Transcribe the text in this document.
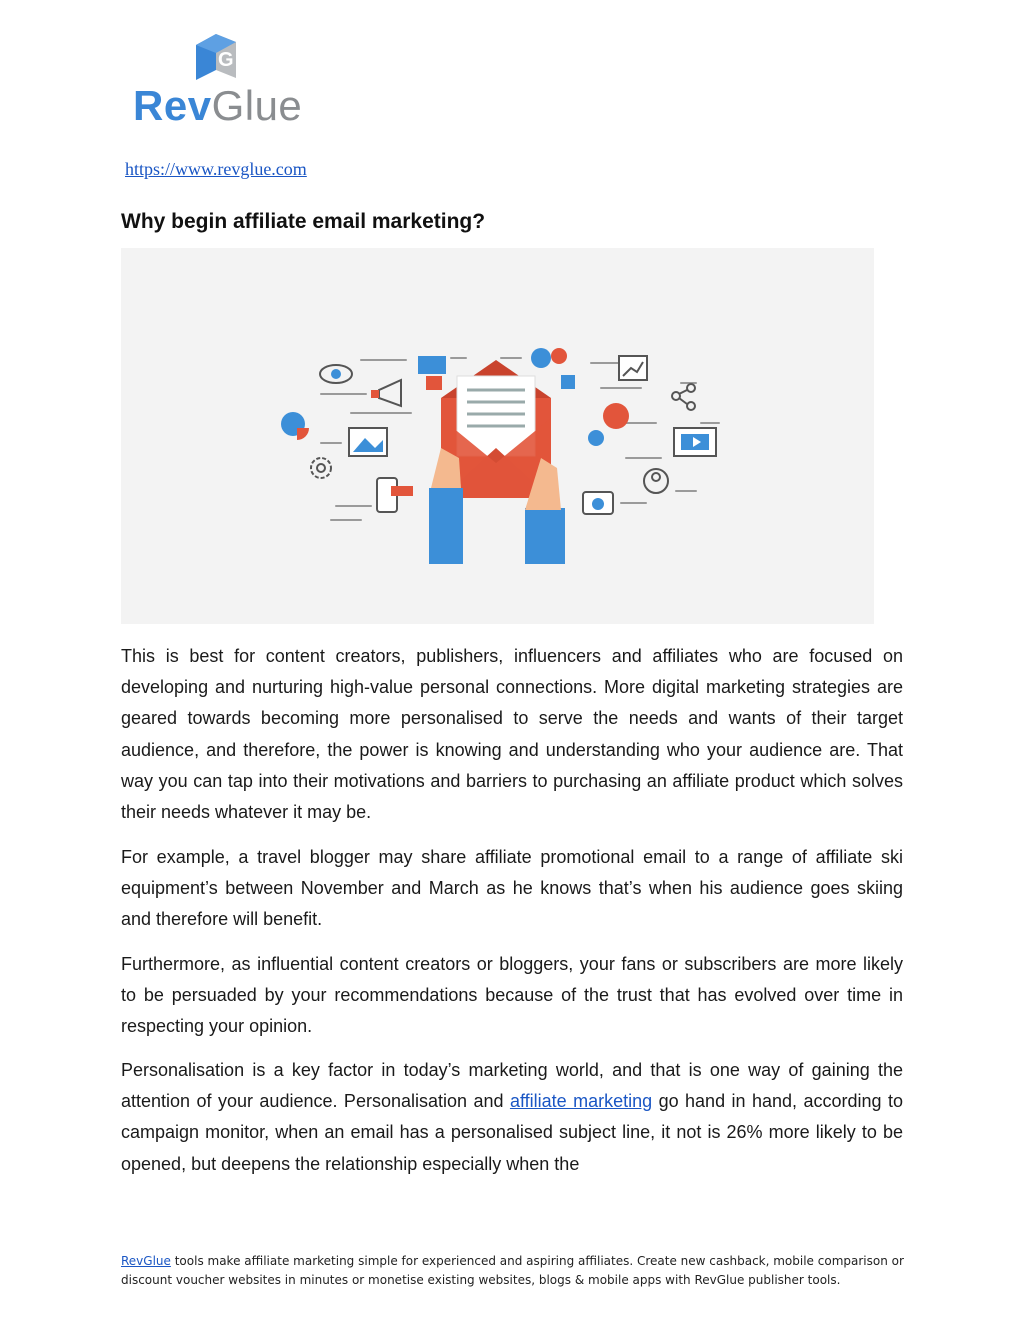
G
RevGlue
https://www.revglue.com
Why begin affiliate email marketing?

This is best for content creators, publishers, influencers and affiliates who are focused on developing and nurturing high-value personal connections. More digital marketing strategies are geared towards becoming more personalised to serve the needs and wants of their target audience, and therefore, the power is knowing and understanding who your audience are. That way you can tap into their motivations and barriers to purchasing an affiliate product which solves their needs whatever it may be.

For example, a travel blogger may share affiliate promotional email to a range of affiliate ski equipment’s between November and March as he knows that’s when his audience goes skiing and therefore will benefit.

Furthermore, as influential content creators or bloggers, your fans or subscribers are more likely to be persuaded by your recommendations because of the trust that has evolved over time in respecting your opinion.

Personalisation is a key factor in today’s marketing world, and that is one way of gaining the attention of your audience. Personalisation and affiliate marketing go hand in hand, according to campaign monitor, when an email has a personalised subject line, it not is 26% more likely to be opened, but deepens the relationship especially when the

RevGlue tools make affiliate marketing simple for experienced and aspiring affiliates. Create new cashback, mobile comparison or discount voucher websites in minutes or monetise existing websites, blogs & mobile apps with RevGlue publisher tools.
